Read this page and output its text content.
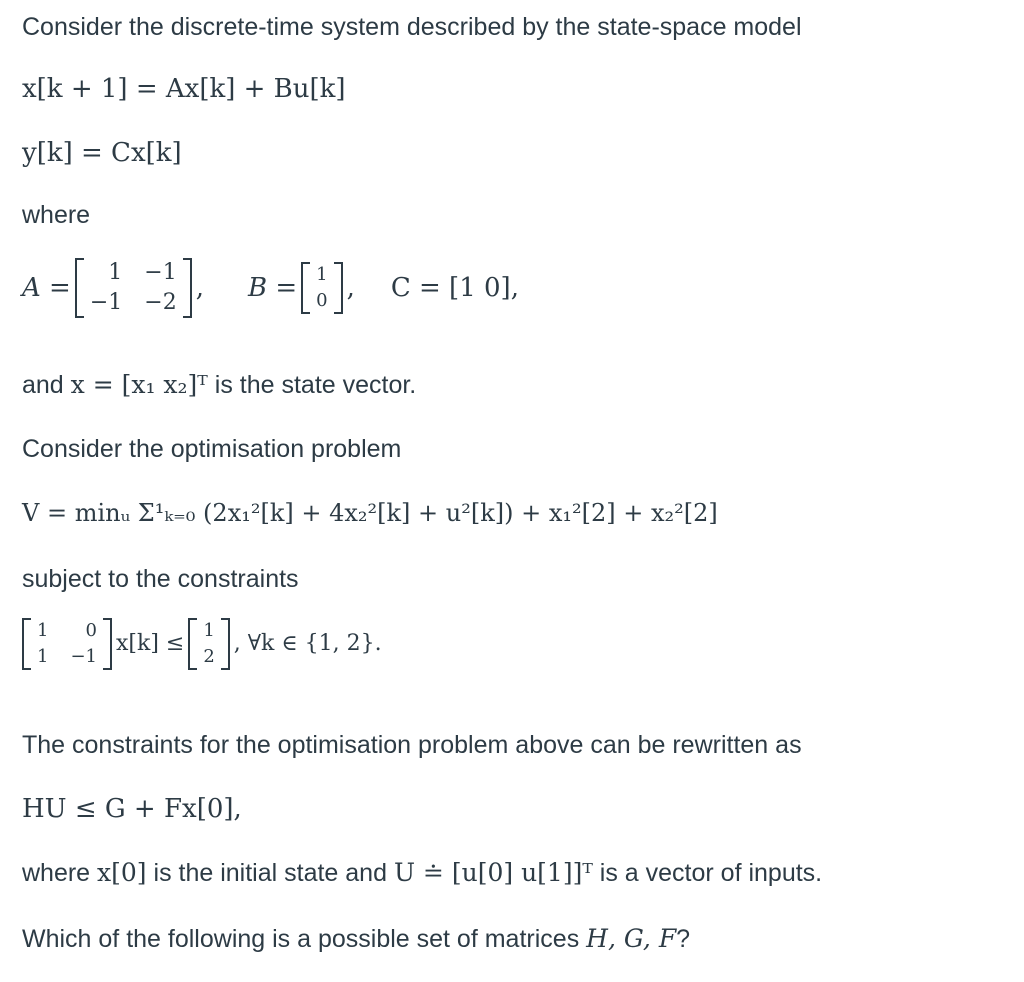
Consider the discrete-time system described by the state-space model
x[k + 1] = Ax[k] + Bu[k]
y[k] = Cx[k]
where
A =
1 −1
−1 −2 , B = 1
0 , C = [1 0],
and x = [x₁ x₂]ᵀ is the state vector.
Consider the optimisation problem
V = minᵤ Σ¹ₖ₌₀ (2x₁²[k] + 4x₂²[k] + u²[k]) + x₁²[2] + x₂²[2]
subject to the constraints
1	0
1 −1
x[k] ≤
1
2
, ∀k ∈ {1, 2}.
The constraints for the optimisation problem above can be rewritten as
HU ≤ G + Fx[0],
where x[0] is the initial state and U ≐ [u[0] u[1]]ᵀ is a vector of inputs.
Which of the following is a possible set of matrices H, G, F?
